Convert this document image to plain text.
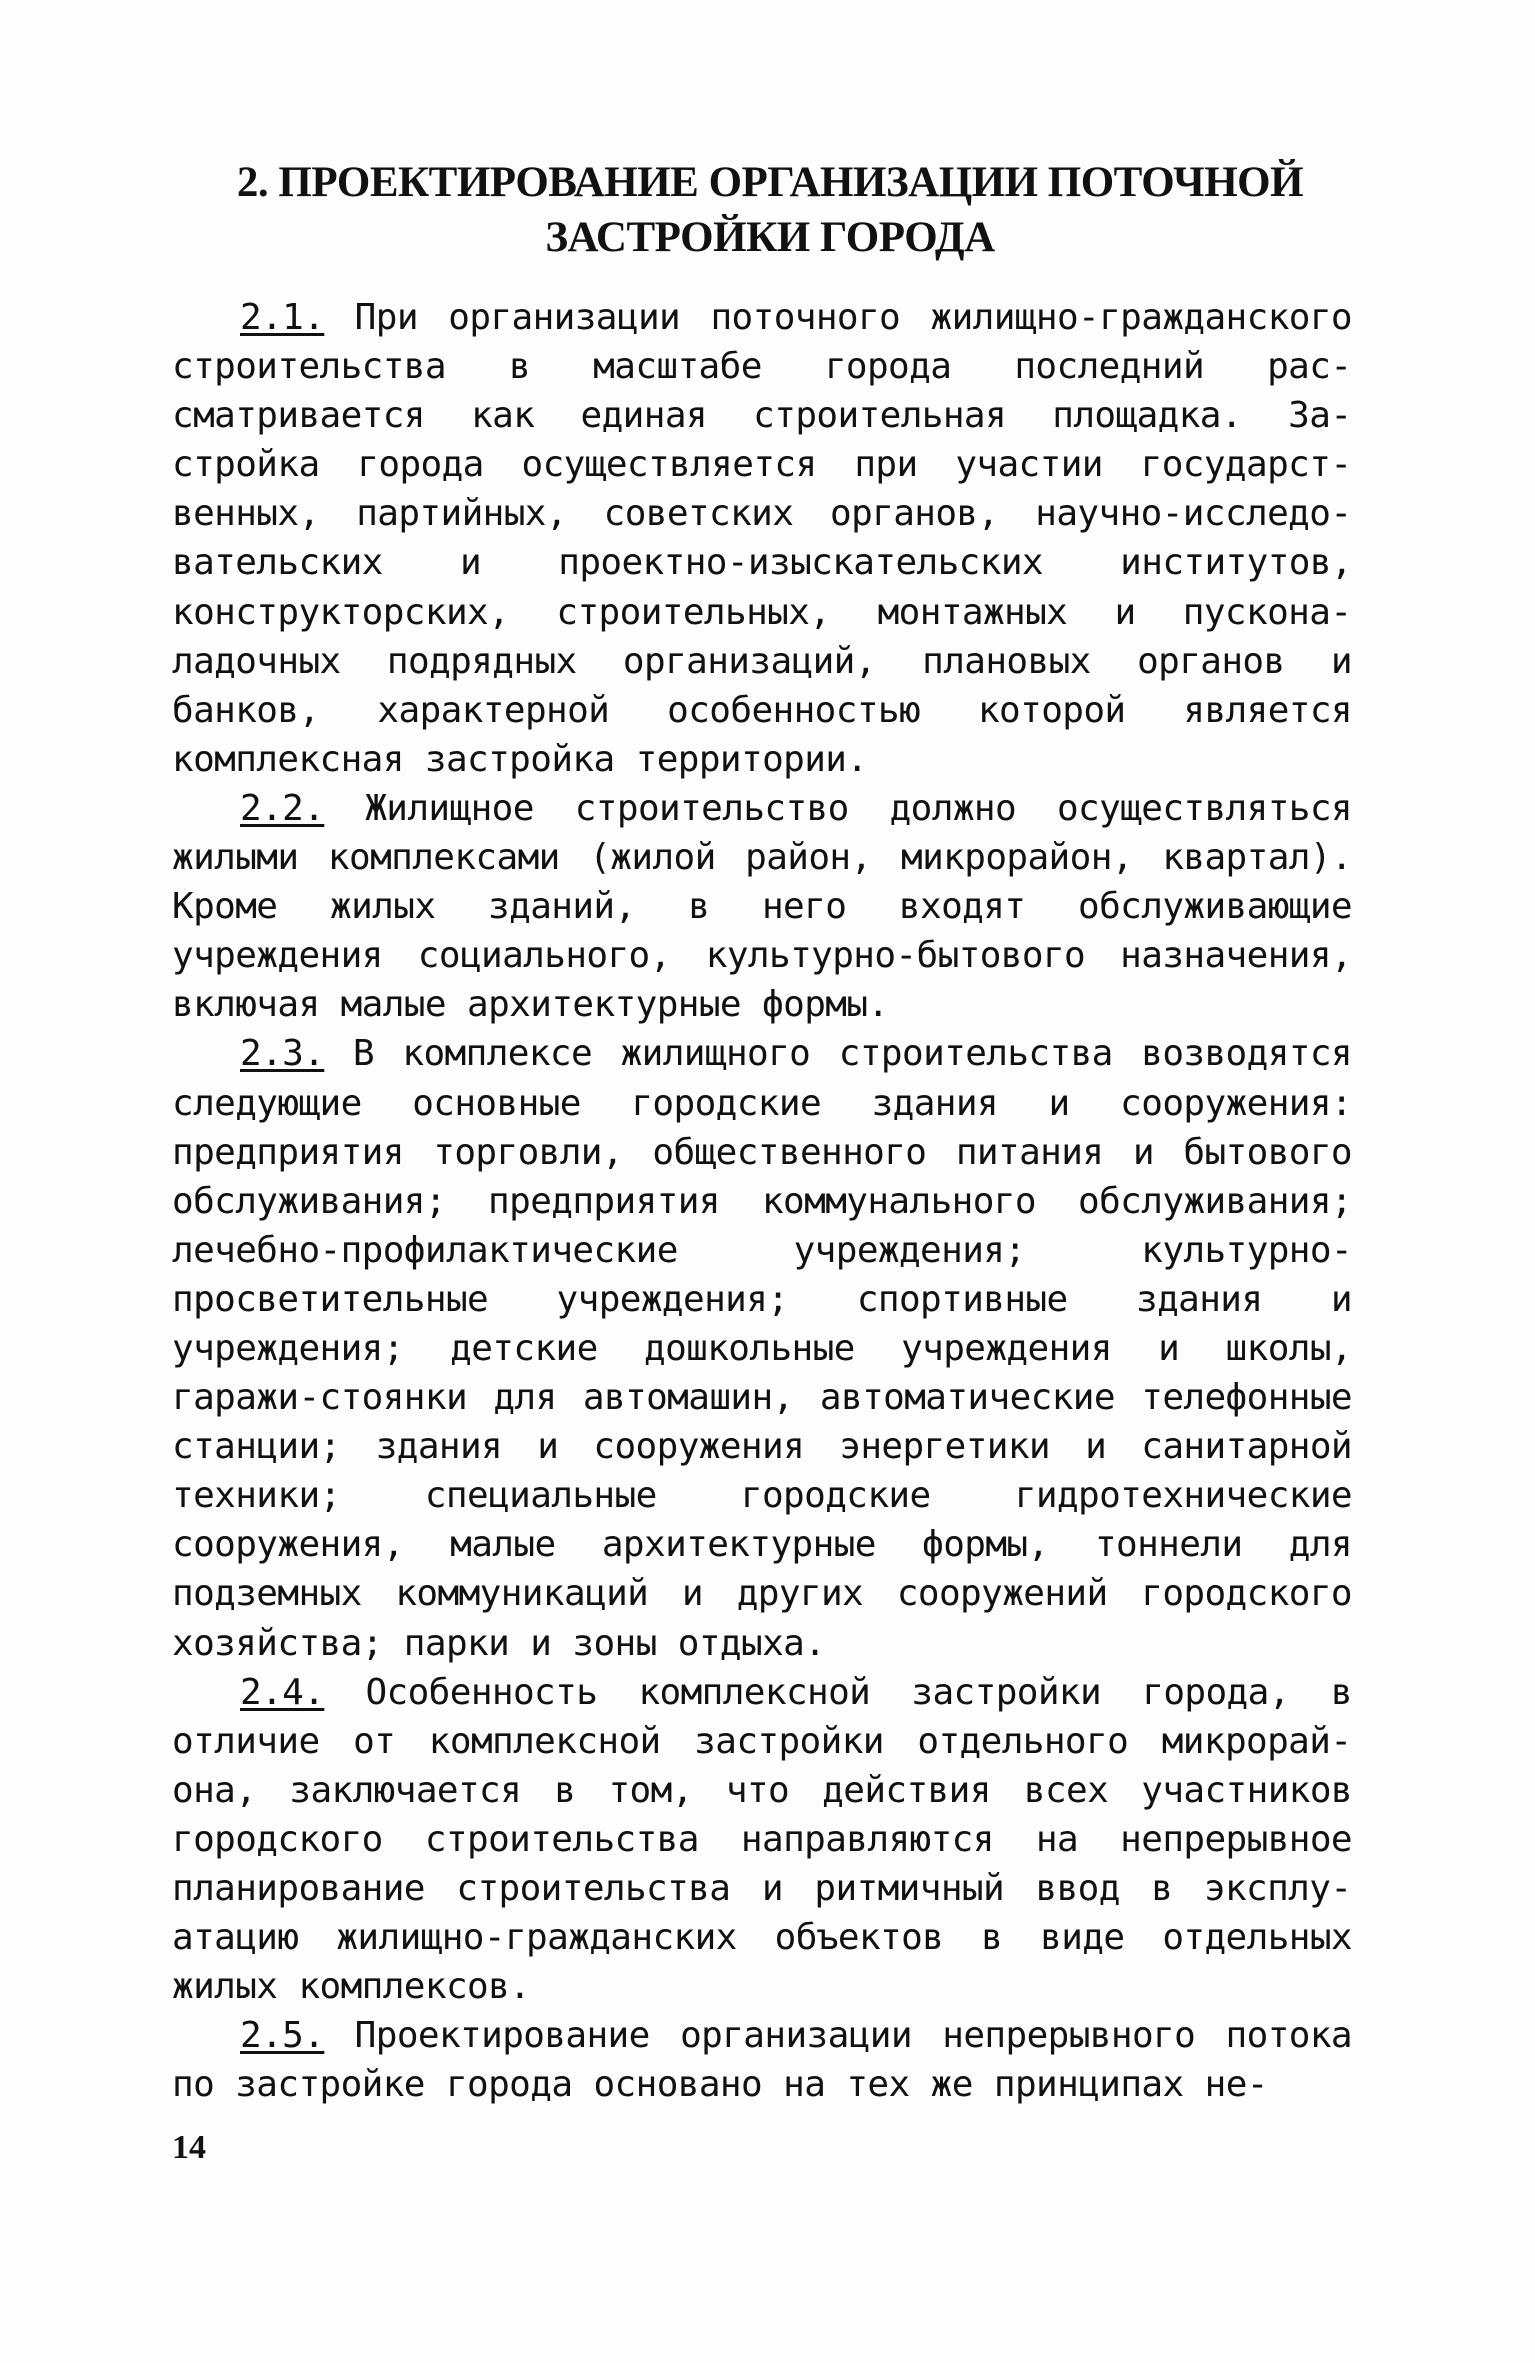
2. ПРОЕКТИРОВАНИЕ ОРГАНИЗАЦИИ ПОТОЧНОЙ
ЗАСТРОЙКИ ГОРОДА

2.1. При организации поточного жилищно-гражданского строительства в масштабе города последний рассматривается как единая строительная площадка. Застройка города осуществляется при участии государственных, партийных, советских органов, научно-исследовательских и проектно-изыскательских институтов, конструкторских, строительных, монтажных и пусконаладочных подрядных организаций, плановых органов и банков, характерной особенностью которой является комплексная застройка территории.

2.2. Жилищное строительство должно осуществляться жилыми комплексами (жилой район, микрорайон, квартал). Кроме жилых зданий, в него входят обслуживающие учреждения социального, культурно-бытового назначения, включая малые архитектурные формы.

2.3. В комплексе жилищного строительства возводятся следующие основные городские здания и сооружения: предприятия торговли, общественного питания и бытового обслуживания; предприятия коммунального обслуживания; лечебно-профилактические учреждения; культурно-просветительные учреждения; спортивные здания и учреждения; детские дошкольные учреждения и школы, гаражи-стоянки для автомашин, автоматические телефонные станции; здания и сооружения энергетики и санитарной техники; специальные городские гидротехнические сооружения, малые архитектурные формы, тоннели для подземных коммуникаций и других сооружений городского хозяйства; парки и зоны отдыха.

2.4. Особенность комплексной застройки города, в отличие от комплексной застройки отдельного микрорайона, заключается в том, что действия всех участников городского строительства направляются на непрерывное планирование строительства и ритмичный ввод в эксплуатацию жилищно-гражданских объектов в виде отдельных жилых комплексов.

2.5. Проектирование организации непрерывного потока по застройке города основано на тех же принципах не-

14
